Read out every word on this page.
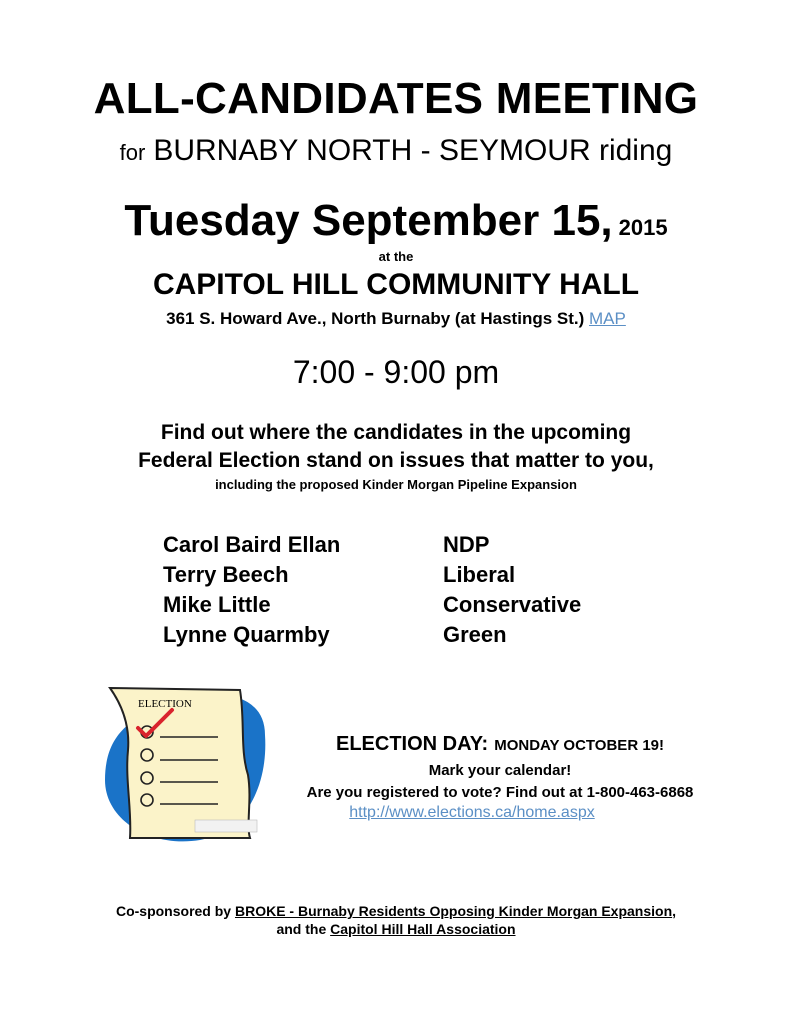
ALL-CANDIDATES MEETING
for BURNABY NORTH - SEYMOUR riding
Tuesday September 15, 2015
at the
CAPITOL HILL COMMUNITY HALL
361 S. Howard Ave., North Burnaby (at Hastings St.) MAP
7:00 - 9:00 pm
Find out where the candidates in the upcoming
Federal Election stand on issues that matter to you,
including the proposed Kinder Morgan Pipeline Expansion
Carol Baird Ellan	NDP
Terry Beech	Liberal
Mike Little	Conservative
Lynne Quarmby	Green
ELECTION
ELECTION DAY: MONDAY OCTOBER 19!
Mark your calendar!
Are you registered to vote? Find out at 1-800-463-6868
http://www.elections.ca/home.aspx
Co-sponsored by BROKE - Burnaby Residents Opposing Kinder Morgan Expansion,
and the Capitol Hill Hall Association
